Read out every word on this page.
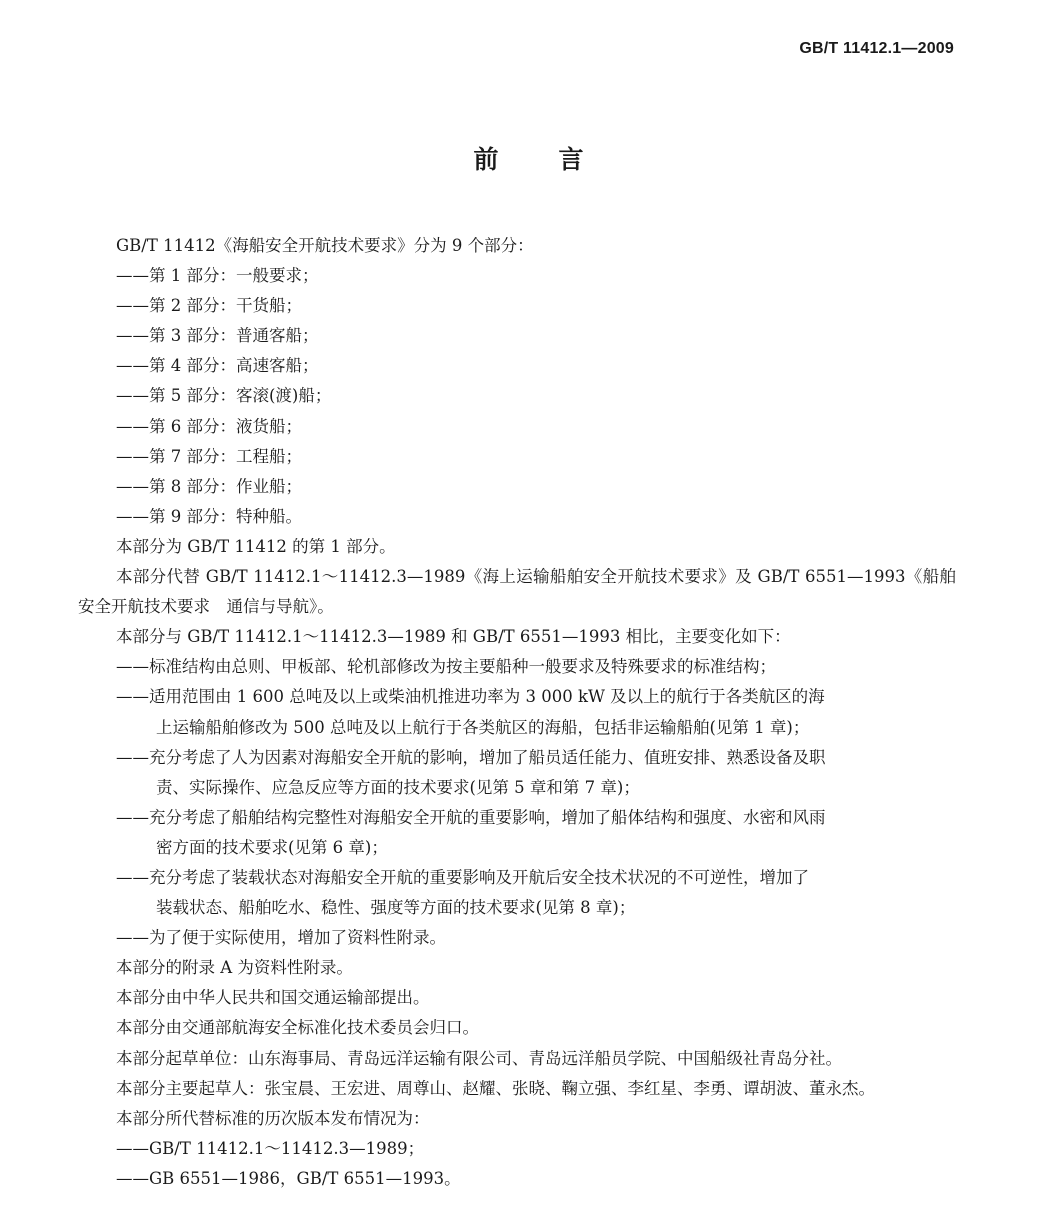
GB/T 11412.1—2009
前言

GB/T 11412《海船安全开航技术要求》分为 9 个部分：

——第 1 部分：一般要求；

——第 2 部分：干货船；

——第 3 部分：普通客船；

——第 4 部分：高速客船；

——第 5 部分：客滚(渡)船；

——第 6 部分：液货船；

——第 7 部分：工程船；

——第 8 部分：作业船；

——第 9 部分：特种船。

本部分为 GB/T 11412 的第 1 部分。

本部分代替 GB/T 11412.1～11412.3—1989《海上运输船舶安全开航技术要求》及 GB/T 6551—1993《船舶安全开航技术要求　通信与导航》。

本部分与 GB/T 11412.1～11412.3—1989 和 GB/T 6551—1993 相比，主要变化如下：

——标准结构由总则、甲板部、轮机部修改为按主要船种一般要求及特殊要求的标准结构；

——适用范围由 1 600 总吨及以上或柴油机推进功率为 3 000 kW 及以上的航行于各类航区的海
上运输船舶修改为 500 总吨及以上航行于各类航区的海船，包括非运输船舶(见第 1 章)；

——充分考虑了人为因素对海船安全开航的影响，增加了船员适任能力、值班安排、熟悉设备及职
责、实际操作、应急反应等方面的技术要求(见第 5 章和第 7 章)；

——充分考虑了船舶结构完整性对海船安全开航的重要影响，增加了船体结构和强度、水密和风雨
密方面的技术要求(见第 6 章)；

——充分考虑了装载状态对海船安全开航的重要影响及开航后安全技术状况的不可逆性，增加了
装载状态、船舶吃水、稳性、强度等方面的技术要求(见第 8 章)；

——为了便于实际使用，增加了资料性附录。

本部分的附录 A 为资料性附录。

本部分由中华人民共和国交通运输部提出。

本部分由交通部航海安全标准化技术委员会归口。

本部分起草单位：山东海事局、青岛远洋运输有限公司、青岛远洋船员学院、中国船级社青岛分社。

本部分主要起草人：张宝晨、王宏进、周尊山、赵耀、张晓、鞠立强、李红星、李勇、谭胡波、董永杰。

本部分所代替标准的历次版本发布情况为：

——GB/T 11412.1～11412.3—1989；

——GB 6551—1986，GB/T 6551—1993。
